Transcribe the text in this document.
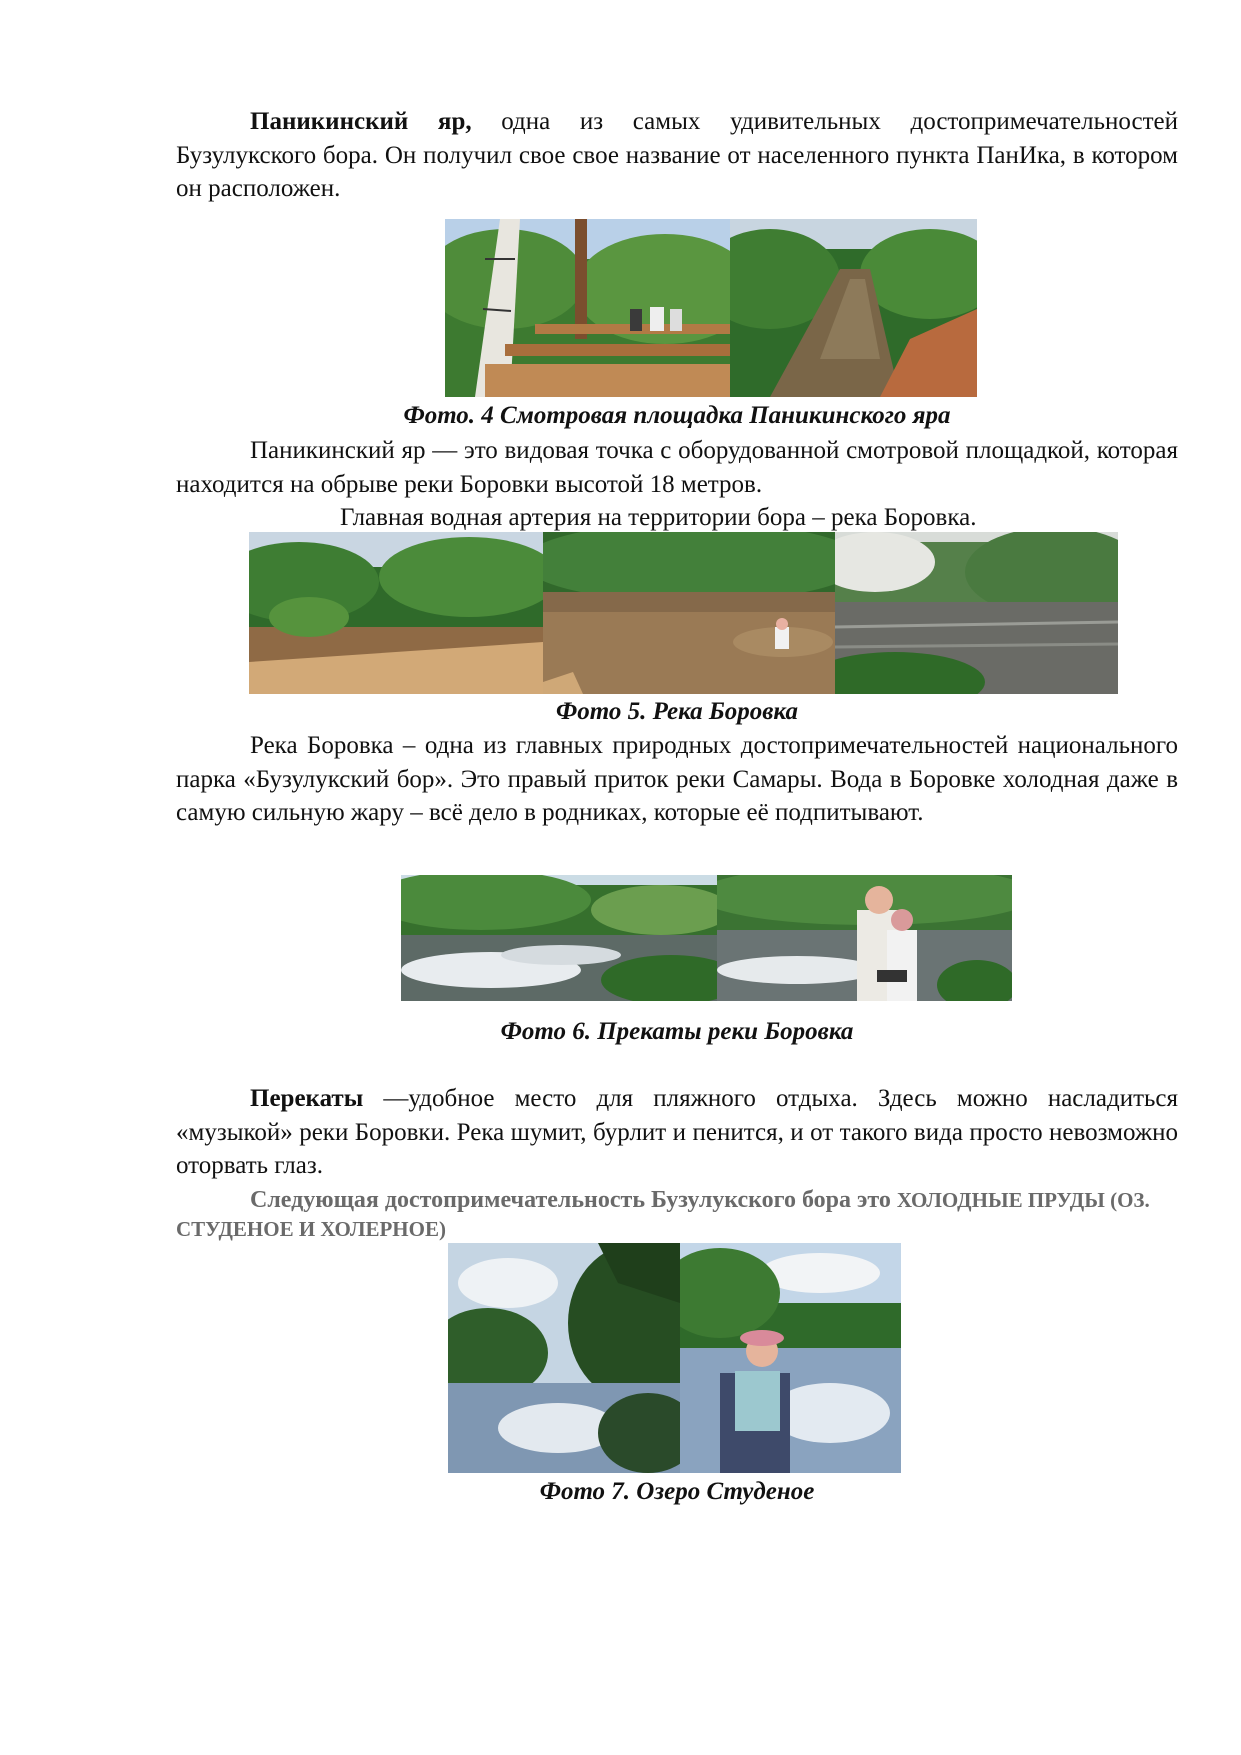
Паникинский яр, одна из самых удивительных достопримечательностей Бузулукского бора. Он получил свое свое название от населенного пункта ПанИка, в котором он расположен.

Фото. 4 Смотровая площадка Паникинского яра

Паникинский яр — это видовая точка с оборудованной смотровой площадкой, которая находится на обрыве реки Боровки высотой 18 метров.

Главная водная артерия на территории бора – река Боровка.

Фото 5. Река Боровка

Река Боровка – одна из главных природных достопримечательностей национального парка «Бузулукский бор». Это правый приток реки Самары. Вода в Боровке холодная даже в самую сильную жару – всё дело в родниках, которые её подпитывают.

Фото 6. Прекаты реки Боровка

Перекаты —удобное место для пляжного отдыха. Здесь можно насладиться «музыкой» реки Боровки. Река шумит, бурлит и пенится, и от такого вида просто невозможно оторвать глаз.

Следующая достопримечательность Бузулукского бора это ХОЛОДНЫЕ ПРУДЫ (ОЗ. СТУДЕНОЕ И ХОЛЕРНОЕ)

Фото 7. Озеро Студеное
